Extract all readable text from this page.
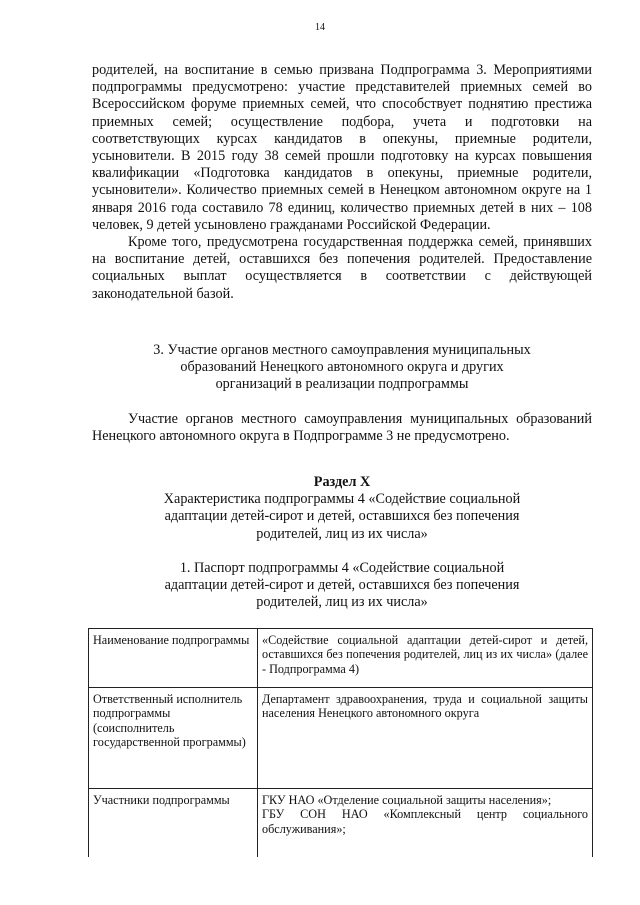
14

родителей, на воспитание в семью призвана Подпрограмма 3. Мероприятиями подпрограммы предусмотрено: участие представителей приемных семей во Всероссийском форуме приемных семей, что способствует поднятию престижа приемных семей; осуществление подбора, учета и подготовки на соответствующих курсах кандидатов в опекуны, приемные родители, усыновители. В 2015 году 38 семей прошли подготовку на курсах повышения квалификации «Подготовка кандидатов в опекуны, приемные родители, усыновители». Количество приемных семей в Ненецком автономном округе на 1 января 2016 года составило 78 единиц, количество приемных детей в них – 108 человек, 9 детей усыновлено гражданами Российской Федерации.

Кроме того, предусмотрена государственная поддержка семей, принявших на воспитание детей, оставшихся без попечения родителей. Предоставление социальных выплат осуществляется в соответствии с действующей законодательной базой.

3. Участие органов местного самоуправления муниципальных
образований Ненецкого автономного округа и других
организаций в реализации подпрограммы

Участие органов местного самоуправления муниципальных образований Ненецкого автономного округа в Подпрограмме 3 не предусмотрено.

Раздел X

Характеристика подпрограммы 4 «Содействие социальной
адаптации детей-сирот и детей, оставшихся без попечения
родителей, лиц из их числа»

1. Паспорт подпрограммы 4 «Содействие социальной
адаптации детей-сирот и детей, оставшихся без попечения
родителей, лиц из их числа»

Наименование подпрограммы	«Содействие социальной адаптации детей-сирот и детей, оставшихся без попечения родителей, лиц из их числа» (далее - Подпрограмма 4)
Ответственный исполнитель подпрограммы (соисполнитель государственной программы)	Департамент здравоохранения, труда и социальной защиты населения Ненецкого автономного округа
Участники подпрограммы	ГКУ НАО «Отделение социальной защиты населения»;
ГБУ СОН НАО «Комплексный центр социального обслуживания»;
